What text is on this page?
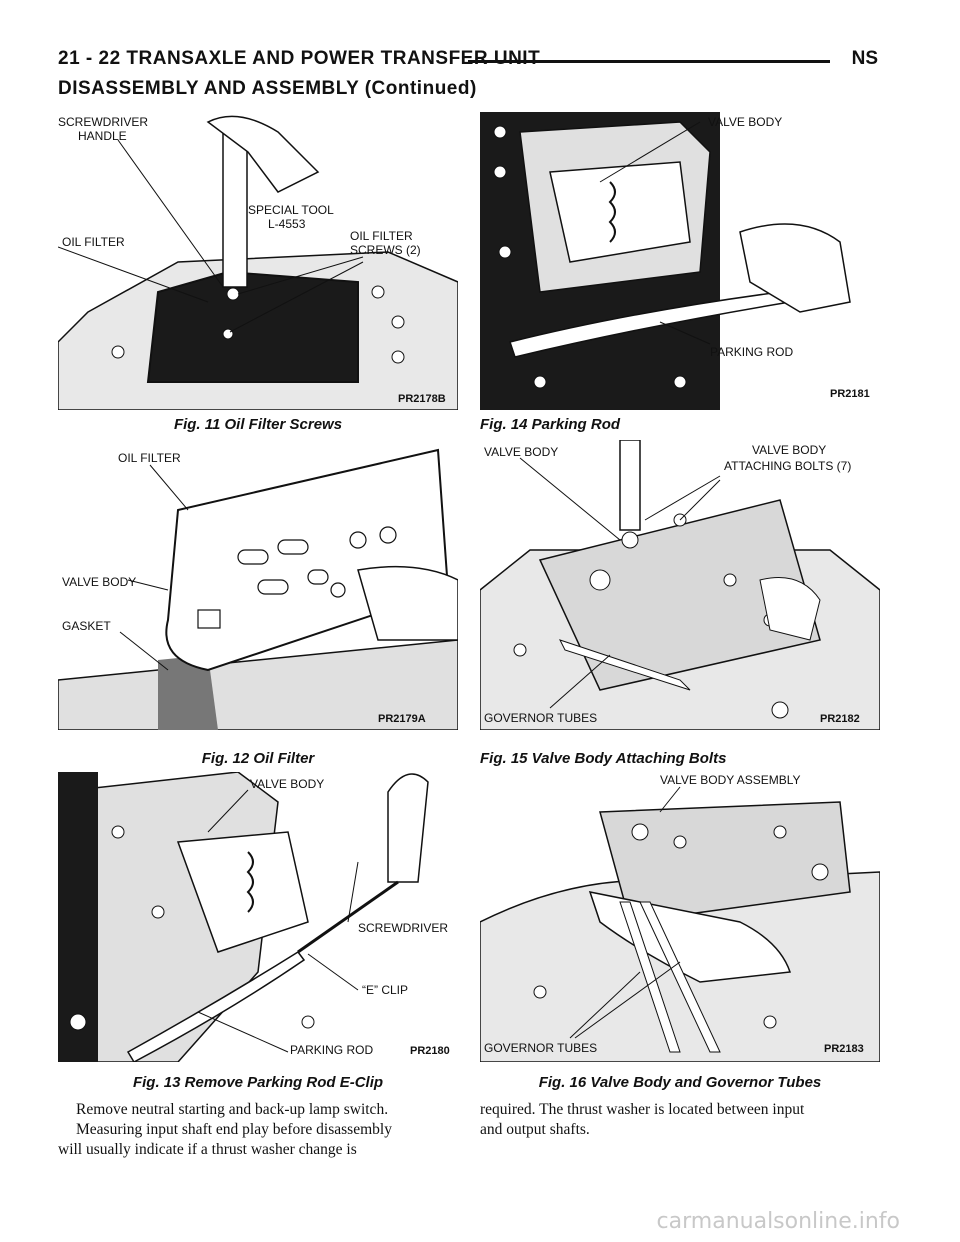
21 - 22 TRANSAXLE AND POWER TRANSFER UNIT	NS
DISASSEMBLY AND ASSEMBLY (Continued)
SCREWDRIVER
HANDLE
SPECIAL TOOL
L-4553
OIL FILTER	OIL FILTER
SCREWS (2)
PR2178B
Fig. 11 Oil Filter Screws
VALVE BODY
PARKING ROD
PR2181
Fig. 14 Parking Rod
OIL FILTER
VALVE BODY
GASKET
PR2179A
Fig. 12 Oil Filter
VALVE BODY	VALVE BODY
ATTACHING BOLTS (7)
GOVERNOR TUBES	PR2182
Fig. 15 Valve Body Attaching Bolts
VALVE BODY
SCREWDRIVER
“E” CLIP
PARKING ROD	PR2180
Fig. 13 Remove Parking Rod E-Clip
VALVE BODY ASSEMBLY
GOVERNOR TUBES	PR2183
Fig. 16 Valve Body and Governor Tubes
Remove neutral starting and back-up lamp switch.
Measuring input shaft end play before disassembly
will usually indicate if a thrust washer change is
required. The thrust washer is located between input
and output shafts.
carmanualsonline.info
